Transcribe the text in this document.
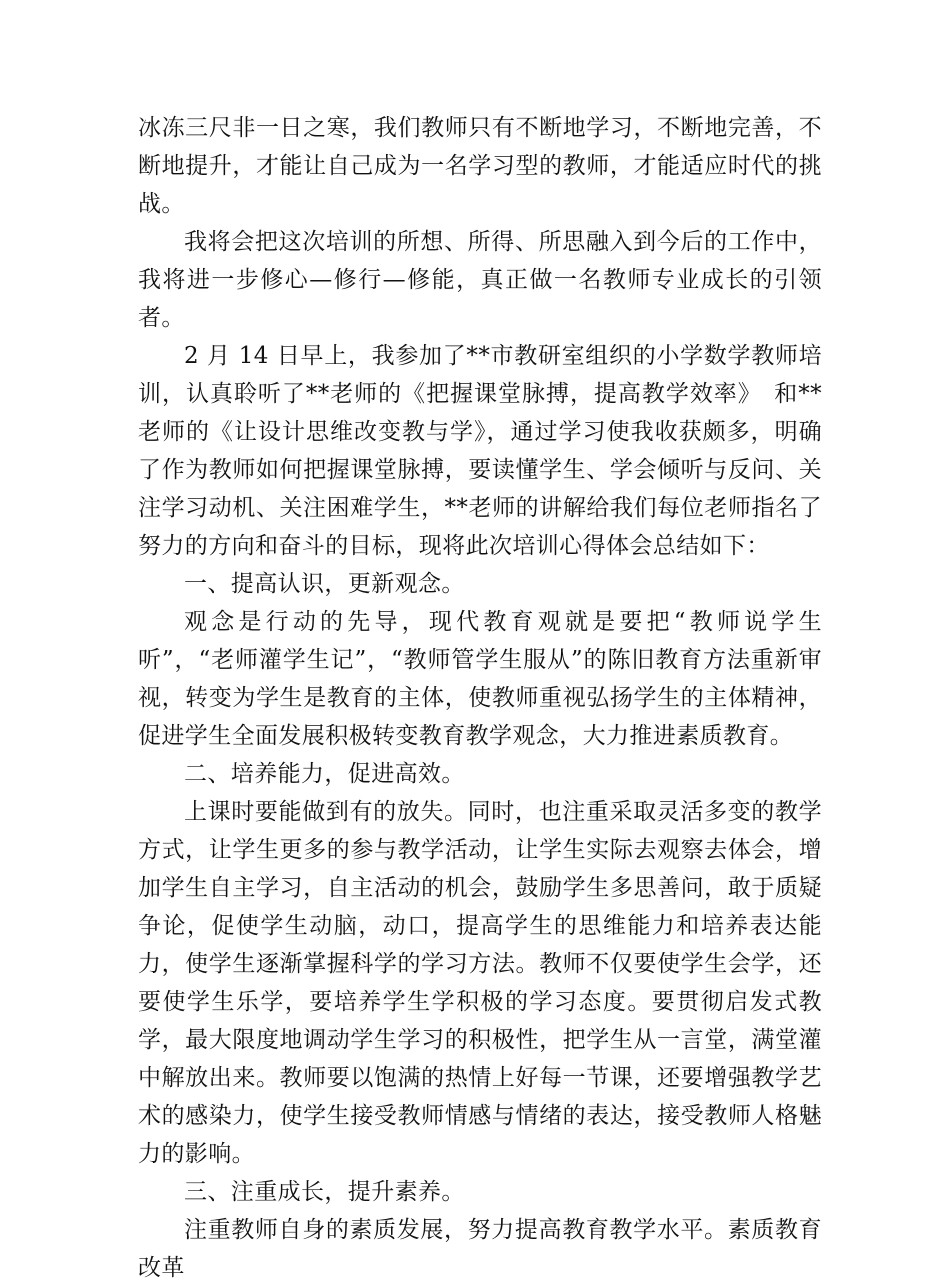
冰冻三尺非一日之寒，我们教师只有不断地学习，不断地完善，不断地提升，才能让自己成为一名学习型的教师，才能适应时代的挑战。

我将会把这次培训的所想、所得、所思融入到今后的工作中，我将进一步修心—修行—修能，真正做一名教师专业成长的引领者。

2 月 14 日早上，我参加了**市教研室组织的小学数学教师培训，认真聆听了**老师的《把握课堂脉搏，提高教学效率》　和**老师的《让设计思维改变教与学》，通过学习使我收获颇多，明确了作为教师如何把握课堂脉搏，要读懂学生、学会倾听与反问、关注学习动机、关注困难学生，**老师的讲解给我们每位老师指名了努力的方向和奋斗的目标，现将此次培训心得体会总结如下：

一、提高认识，更新观念。

观念是行动的先导，现代教育观就是要把“教师说学生听”，“老师灌学生记”，“教师管学生服从”的陈旧教育方法重新审视，转变为学生是教育的主体，使教师重视弘扬学生的主体精神，促进学生全面发展积极转变教育教学观念，大力推进素质教育。

二、培养能力，促进高效。

上课时要能做到有的放失。同时，也注重采取灵活多变的教学方式，让学生更多的参与教学活动，让学生实际去观察去体会，增加学生自主学习，自主活动的机会，鼓励学生多思善问，敢于质疑争论，促使学生动脑，动口，提高学生的思维能力和培养表达能力，使学生逐渐掌握科学的学习方法。教师不仅要使学生会学，还要使学生乐学，要培养学生学积极的学习态度。要贯彻启发式教学，最大限度地调动学生学习的积极性，把学生从一言堂，满堂灌中解放出来。教师要以饱满的热情上好每一节课，还要增强教学艺术的感染力，使学生接受教师情感与情绪的表达，接受教师人格魅力的影响。

三、注重成长，提升素养。

注重教师自身的素质发展，努力提高教育教学水平。素质教育改革
